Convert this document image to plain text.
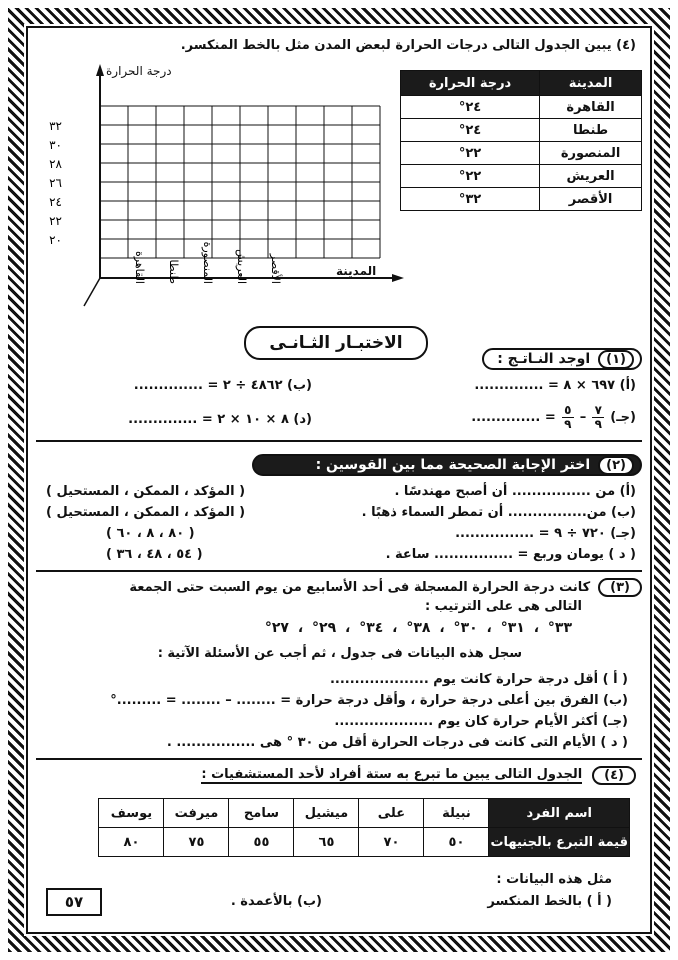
(٤) يبين الجدول التالى درجات الحرارة لبعض المدن مثل بالخط المنكسر.
المدينة	درجة الحرارة
القاهرة	٢٤°
طنطا	٢٤°
المنصورة	٢٢°
العريش	٢٢°
الأقصر	٣٢°
٣٢
٣٠
٢٨
٢٦
٢٤
٢٢
٢٠
القاهرة طنطا المنصورة العريش الأقصر
درجة الحرارة
المدينة
الاختبـار الثـانـى
(١)
اوجد النـاتـج :
(أ) ٦٩٧ × ٨ = ..............
(ب) ٤٨٦٢ ÷ ٢ = ..............
(جـ)
٧
٩
–
٥
٩
= ..............
(د) ٨ × ١٠ × ٢ = ..............
(٢)
اختر الإجابة الصحيحة مما بين القوسين :
(أ) من ................ أن أصبح مهندسًا .
( المؤكد ، الممكن ، المستحيل )
(ب) من................ أن تمطر السماء ذهبًا .
( المؤكد ، الممكن ، المستحيل )
(جـ) ٧٢٠ ÷ ٩ = ................
( ٨٠ ، ٨ ، ٦٠ )
( د ) يومان وربع = ................ ساعة .
( ٥٤ ، ٤٨ ، ٣٦ )
(٣)
كانت درجة الحرارة المسجلة فى أحد الأسابيع من يوم السبت حتى الجمعة
التالى هى على الترتيب :
٣٣° ، ٣١° ، ٣٠° ، ٣٨° ، ٣٤° ، ٢٩° ، ٢٧°
سجل هذه البيانات فى جدول ، ثم أجب عن الأسئلة الآتية :
( أ ) أقل درجة حرارة كانت يوم ....................
(ب) الفرق بين أعلى درجة حرارة ، وأقل درجة حرارة = ........ – ........ = .........°
(جـ) أكثر الأيام حرارة كان يوم ....................
( د ) الأيام التى كانت فى درجات الحرارة أقل من ٣٠ ° هى ................ .
(٤)
الجدول التالى يبين ما تبرع به ستة أفراد لأحد المستشفيات :
اسم الفرد	نبيلة	على	ميشيل	سامح	ميرفت	يوسف
قيمة التبرع بالجنيهات	٥٠	٧٠	٦٥	٥٥	٧٥	٨٠
مثل هذه البيانات :
( أ ) بالخط المنكسر
(ب) بالأعمدة .
٥٧
